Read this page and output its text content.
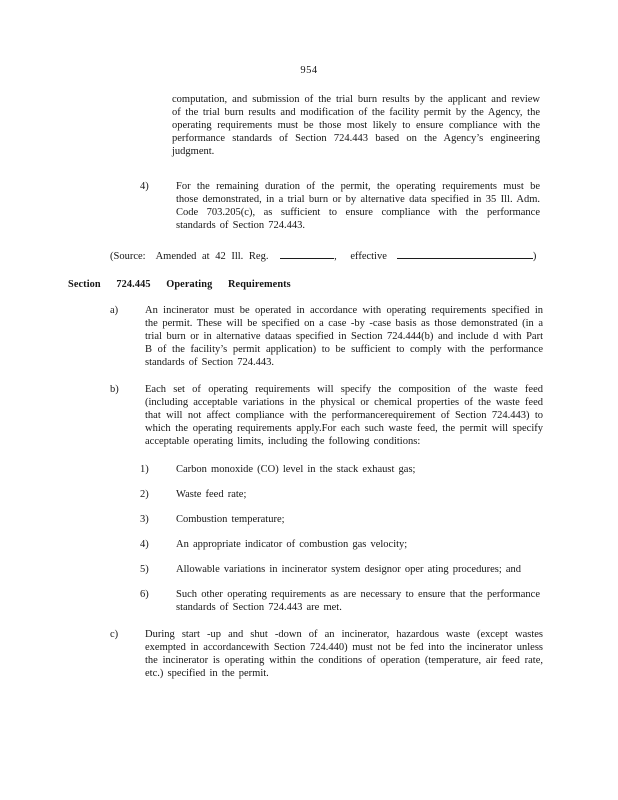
954
computation, and submission of the trial burn results by the applicant and review of the trial burn results and modification of the facility permit by the Agency, the operating requirements must be those most likely to ensure compliance with the performance standards of Section 724.443 based on the Agency’s engineering judgment.
4)	For the remaining duration of the permit, the operating requirements must be those demonstrated, in a trial burn or by alternative data specified in 35 Ill. Adm. Code 703.205(c), as sufficient to ensure compliance with the performance standards of Section 724.443.
(Source: Amended at 42 Ill. Reg.	, effective	)
Section 724.445 Operating Requirements
a)	An incinerator must be operated in accordance with operating requirements specified in the permit. These will be specified on a case -by -case basis as those demonstrated (in a trial burn or in alternative dataas specified in Section 724.444(b) and include d with Part B of the facility’s permit application) to be sufficient to comply with the performance standards of Section 724.443.
b)	Each set of operating requirements will specify the composition of the waste feed (including acceptable variations in the physical or chemical properties of the waste feed that will not affect compliance with the performancerequirement of Section 724.443) to which the operating requirements apply.For each such waste feed, the permit will specify acceptable operating limits, including the following conditions:
1)	Carbon monoxide (CO) level in the stack exhaust gas;
2)	Waste feed rate;
3)	Combustion temperature;
4)	An appropriate indicator of combustion gas velocity;
5)	Allowable variations in incinerator system designor oper ating procedures; and
6)	Such other operating requirements as are necessary to ensure that the performance standards of Section 724.443 are met.
c)	During start -up and shut -down of an incinerator, hazardous waste (except wastes exempted in accordancewith Section 724.440) must not be fed into the incinerator unless the incinerator is operating within the conditions of operation (temperature, air feed rate, etc.) specified in the permit.
